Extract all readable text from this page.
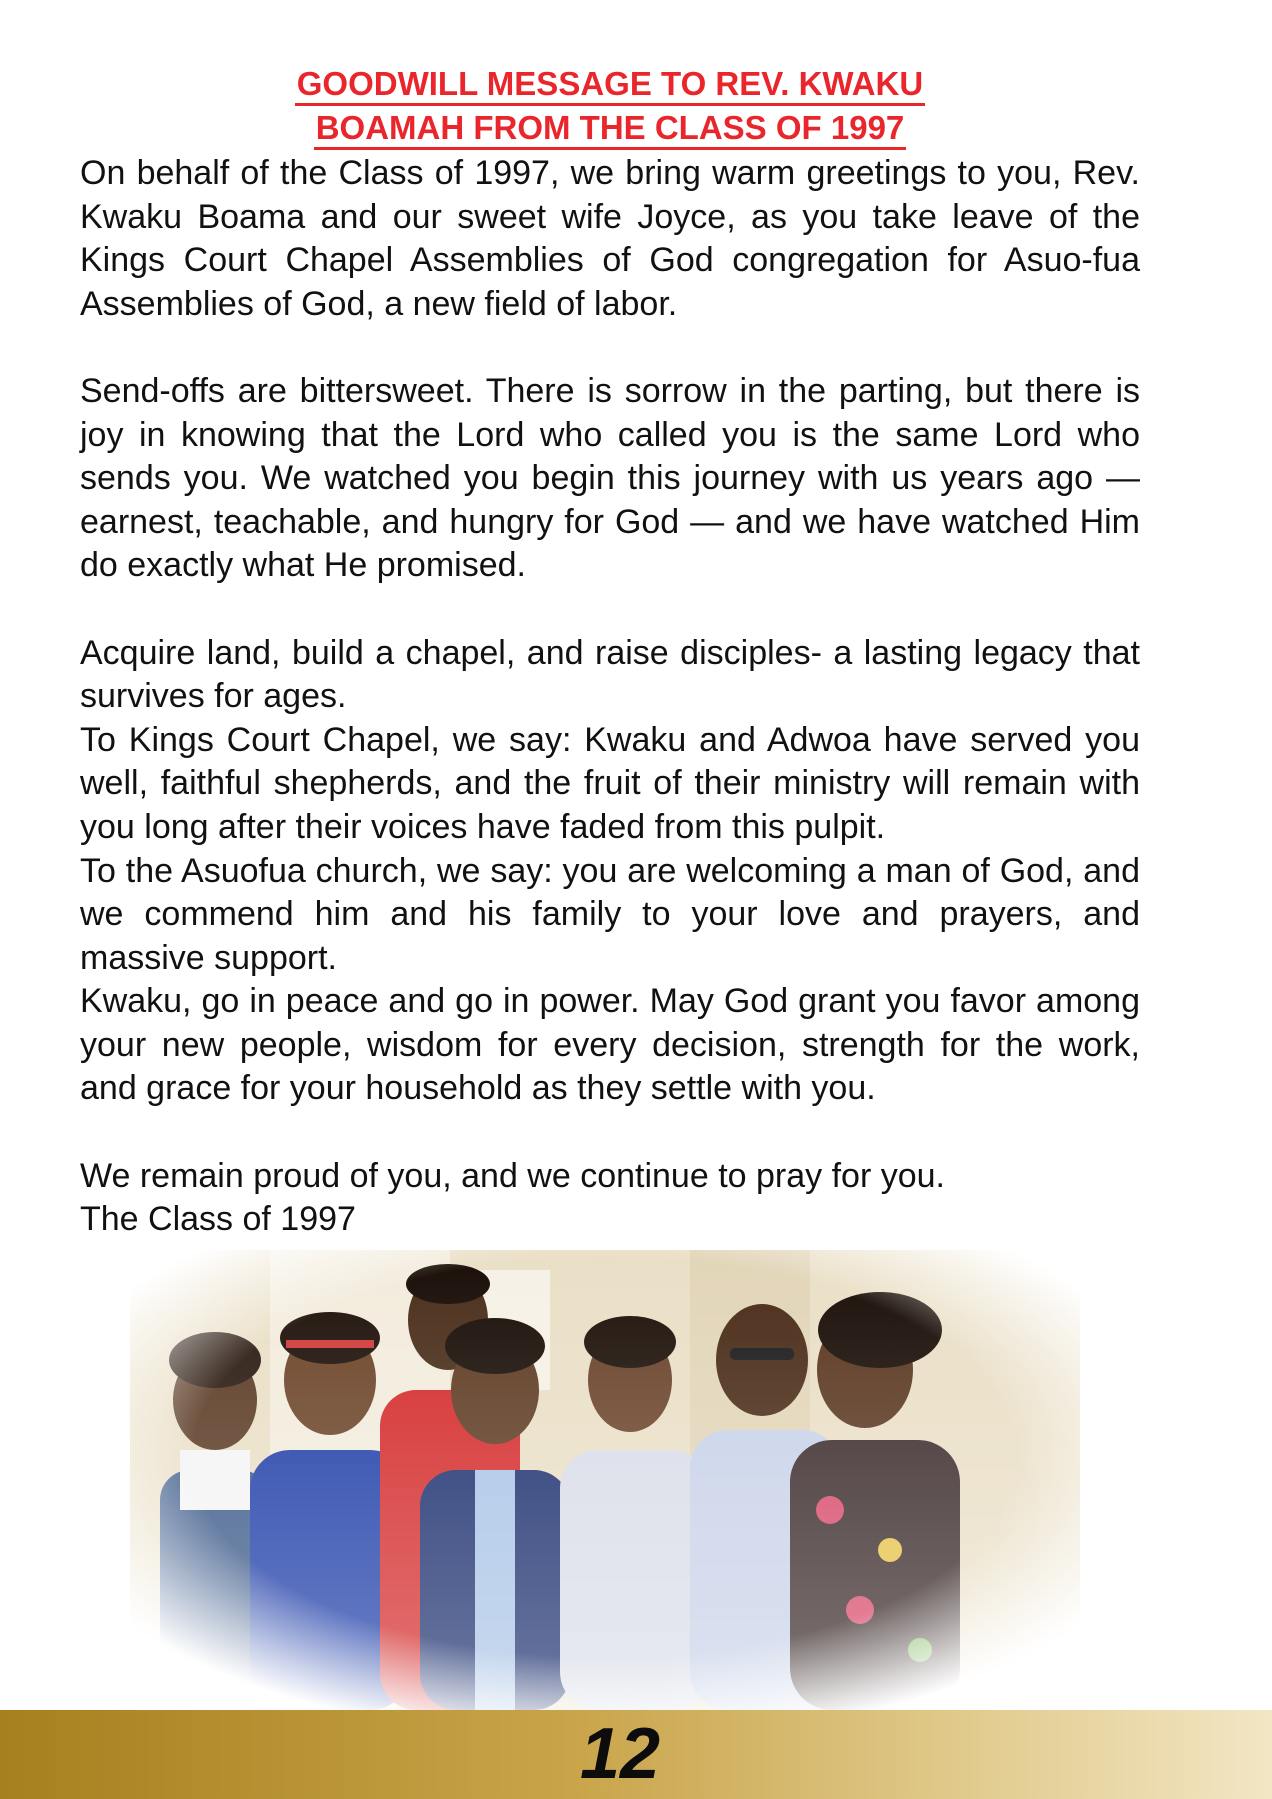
GOODWILL MESSAGE TO REV. KWAKU
BOAMAH FROM THE CLASS OF 1997

On behalf of the Class of 1997, we bring warm greetings to you, Rev. Kwaku Boama and our sweet wife Joyce, as you take leave of the Kings Court Chapel Assemblies of God congregation for Asuo-fua Assemblies of God, a new field of labor.

Send-offs are bittersweet. There is sorrow in the parting, but there is joy in knowing that the Lord who called you is the same Lord who sends you. We watched you begin this journey with us years ago — earnest, teachable, and hungry for God — and we have watched Him do exactly what He promised.

Acquire land, build a chapel, and raise disciples- a lasting legacy that survives for ages.

To Kings Court Chapel, we say: Kwaku and Adwoa have served you well, faithful shepherds, and the fruit of their ministry will remain with you long after their voices have faded from this pulpit.

To the Asuofua church, we say: you are welcoming a man of God, and we commend him and his family to your love and prayers, and massive support.

Kwaku, go in peace and go in power. May God grant you favor among your new people, wisdom for every decision, strength for the work, and grace for your household as they settle with you.

We remain proud of you, and we continue to pray for you.

The Class of 1997

12
